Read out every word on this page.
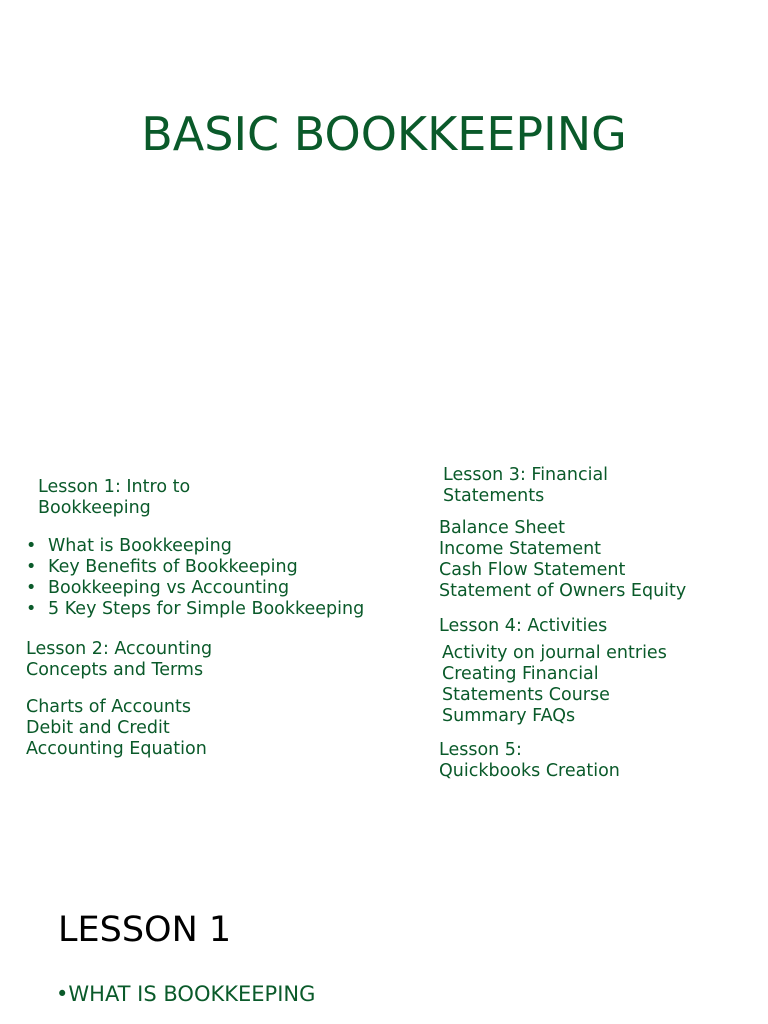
BASIC BOOKKEEPING
Lesson 1: Intro to
Bookkeeping
• What is Bookkeeping
• Key Benefits of Bookkeeping
• Bookkeeping vs Accounting
• 5 Key Steps for Simple Bookkeeping
Lesson 2: Accounting
Concepts and Terms
Charts of Accounts
Debit and Credit
Accounting Equation
Lesson 3: Financial
Statements
Balance Sheet
Income Statement
Cash Flow Statement
Statement of Owners Equity
Lesson 4: Activities
Activity on journal entries
Creating Financial
Statements Course
Summary FAQs
Lesson 5:
Quickbooks Creation
LESSON 1
•WHAT IS BOOKKEEPING
